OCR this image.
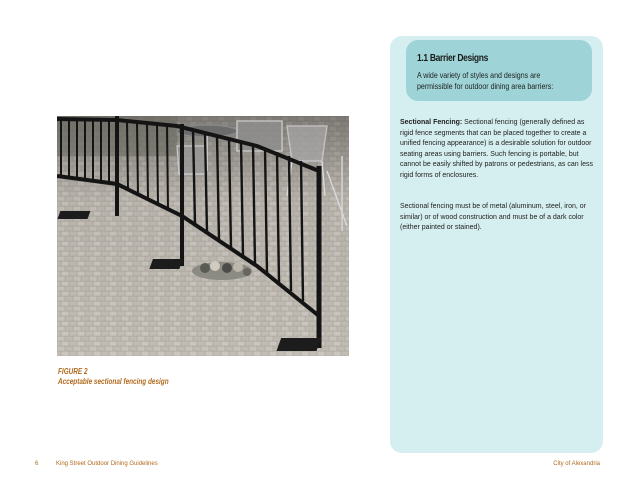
1.1 Barrier Designs
A wide variety of styles and designs are permissible for outdoor dining area barriers:
Sectional Fencing: Sectional fencing (generally defined as rigid fence segments that can be placed together to create a unified fencing appearance) is a desirable solution for outdoor seating areas using barriers. Such fencing is portable, but cannot be easily shifted by patrons or pedestrians, as can less rigid forms of enclosures.
Sectional fencing must be of metal (aluminum, steel, iron, or similar) or of wood construction and must be of a dark color (either painted or stained).
FIGURE 2
Acceptable sectional fencing design
6	King Street Outdoor Dining Guidelines	City of Alexandria
